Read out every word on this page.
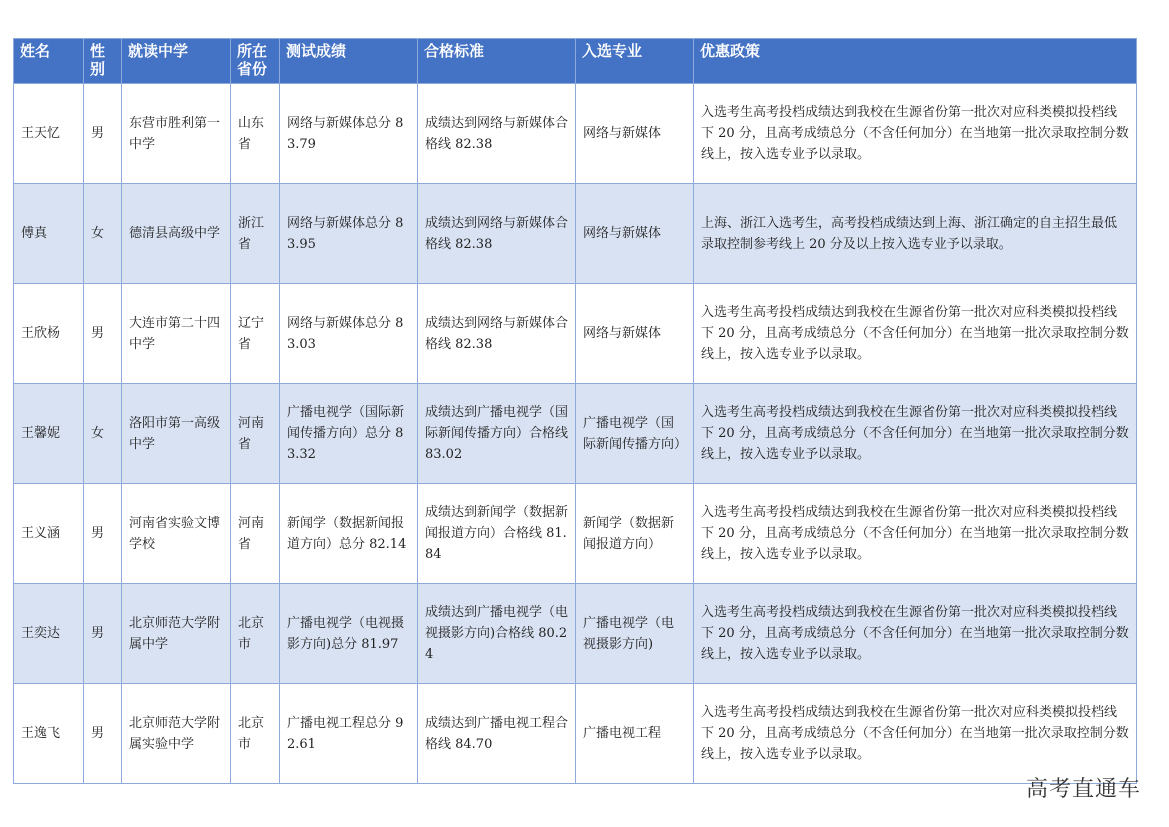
姓名	性别	就读中学	所在省份	测试成绩	合格标准	入选专业	优惠政策
王天忆	男	东营市胜利第一中学	山东省	网络与新媒体总分 83.79	成绩达到网络与新媒体合格线 82.38	网络与新媒体	入选考生高考投档成绩达到我校在生源省份第一批次对应科类模拟投档线下 20 分，且高考成绩总分（不含任何加分）在当地第一批次录取控制分数线上，按入选专业予以录取。
傅真	女	德清县高级中学	浙江省	网络与新媒体总分 83.95	成绩达到网络与新媒体合格线 82.38	网络与新媒体	上海、浙江入选考生，高考投档成绩达到上海、浙江确定的自主招生最低录取控制参考线上 20 分及以上按入选专业予以录取。
王欣杨	男	大连市第二十四中学	辽宁省	网络与新媒体总分 83.03	成绩达到网络与新媒体合格线 82.38	网络与新媒体	入选考生高考投档成绩达到我校在生源省份第一批次对应科类模拟投档线下 20 分，且高考成绩总分（不含任何加分）在当地第一批次录取控制分数线上，按入选专业予以录取。
王馨妮	女	洛阳市第一高级中学	河南省	广播电视学（国际新闻传播方向）总分 83.32	成绩达到广播电视学（国际新闻传播方向）合格线 83.02	广播电视学（国际新闻传播方向）	入选考生高考投档成绩达到我校在生源省份第一批次对应科类模拟投档线下 20 分，且高考成绩总分（不含任何加分）在当地第一批次录取控制分数线上，按入选专业予以录取。
王义涵	男	河南省实验文博学校	河南省	新闻学（数据新闻报道方向）总分 82.14	成绩达到新闻学（数据新闻报道方向）合格线 81.84	新闻学（数据新闻报道方向）	入选考生高考投档成绩达到我校在生源省份第一批次对应科类模拟投档线下 20 分，且高考成绩总分（不含任何加分）在当地第一批次录取控制分数线上，按入选专业予以录取。
王奕达	男	北京师范大学附属中学	北京市	广播电视学（电视摄影方向)总分 81.97	成绩达到广播电视学（电视摄影方向)合格线 80.24	广播电视学（电视摄影方向)	入选考生高考投档成绩达到我校在生源省份第一批次对应科类模拟投档线下 20 分，且高考成绩总分（不含任何加分）在当地第一批次录取控制分数线上，按入选专业予以录取。
王逸飞	男	北京师范大学附属实验中学	北京市	广播电视工程总分 92.61	成绩达到广播电视工程合格线 84.70	广播电视工程	入选考生高考投档成绩达到我校在生源省份第一批次对应科类模拟投档线下 20 分，且高考成绩总分（不含任何加分）在当地第一批次录取控制分数线上，按入选专业予以录取。
高考直通车
